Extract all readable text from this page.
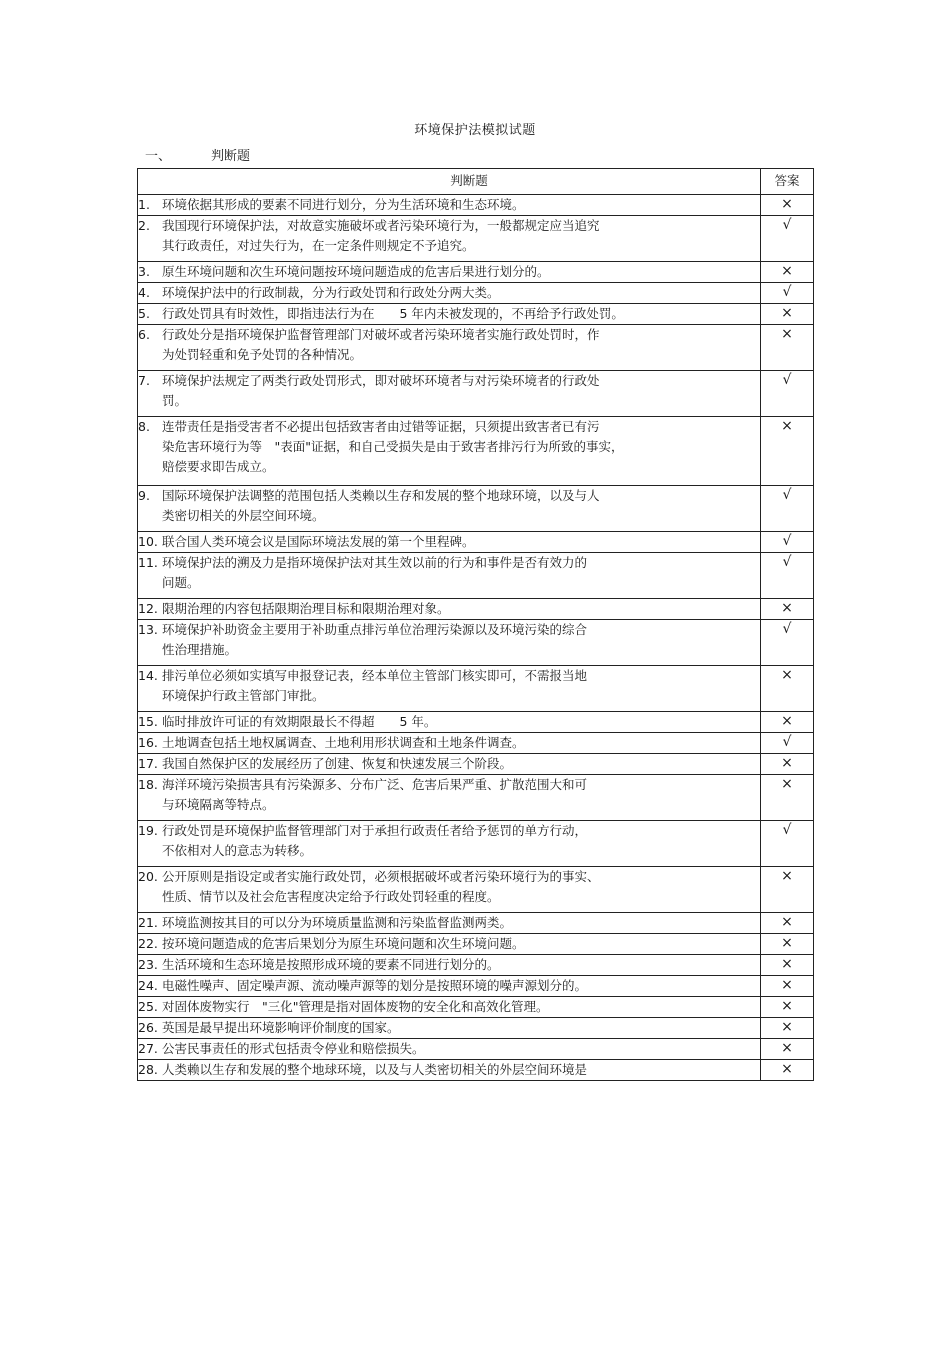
环境保护法模拟试题
一、	判断题
判断题	答案
1. 环境依据其形成的要素不同进行划分，分为生活环境和生态环境。	×
2. 我国现行环境保护法，对故意实施破坏或者污染环境行为，一般都规定应当追究
其行政责任，对过失行为，在一定条件则规定不予追究。	√
3. 原生环境问题和次生环境问题按环境问题造成的危害后果进行划分的。	×
4. 环境保护法中的行政制裁，分为行政处罚和行政处分两大类。	√
5. 行政处罚具有时效性，即指违法行为在　　5 年内未被发现的，不再给予行政处罚。	×
6. 行政处分是指环境保护监督管理部门对破坏或者污染环境者实施行政处罚时，作
为处罚轻重和免予处罚的各种情况。	×
7. 环境保护法规定了两类行政处罚形式，即对破坏环境者与对污染环境者的行政处
罚。	√
8. 连带责任是指受害者不必提出包括致害者由过错等证据，只须提出致害者已有污
染危害环境行为等　"表面"证据，和自己受损失是由于致害者排污行为所致的事实，
赔偿要求即告成立。	×
9. 国际环境保护法调整的范围包括人类赖以生存和发展的整个地球环境，以及与人
类密切相关的外层空间环境。	√
10. 联合国人类环境会议是国际环境法发展的第一个里程碑。	√
11. 环境保护法的溯及力是指环境保护法对其生效以前的行为和事件是否有效力的
问题。	√
12. 限期治理的内容包括限期治理目标和限期治理对象。	×
13. 环境保护补助资金主要用于补助重点排污单位治理污染源以及环境污染的综合
性治理措施。	√
14. 排污单位必须如实填写申报登记表，经本单位主管部门核实即可，不需报当地
环境保护行政主管部门审批。	×
15. 临时排放许可证的有效期限最长不得超　　5 年。	×
16. 土地调查包括土地权属调查、土地利用形状调查和土地条件调查。	√
17. 我国自然保护区的发展经历了创建、恢复和快速发展三个阶段。	×
18. 海洋环境污染损害具有污染源多、分布广泛、危害后果严重、扩散范围大和可
与环境隔离等特点。	×
19. 行政处罚是环境保护监督管理部门对于承担行政责任者给予惩罚的单方行动，
不依相对人的意志为转移。	√
20. 公开原则是指设定或者实施行政处罚，必须根据破坏或者污染环境行为的事实、
性质、情节以及社会危害程度决定给予行政处罚轻重的程度。	×
21. 环境监测按其目的可以分为环境质量监测和污染监督监测两类。	×
22. 按环境问题造成的危害后果划分为原生环境问题和次生环境问题。	×
23. 生活环境和生态环境是按照形成环境的要素不同进行划分的。	×
24. 电磁性噪声、固定噪声源、流动噪声源等的划分是按照环境的噪声源划分的。	×
25. 对固体废物实行　"三化"管理是指对固体废物的安全化和高效化管理。	×
26. 英国是最早提出环境影响评价制度的国家。	×
27. 公害民事责任的形式包括责令停业和赔偿损失。	×
28. 人类赖以生存和发展的整个地球环境，以及与人类密切相关的外层空间环境是	×
